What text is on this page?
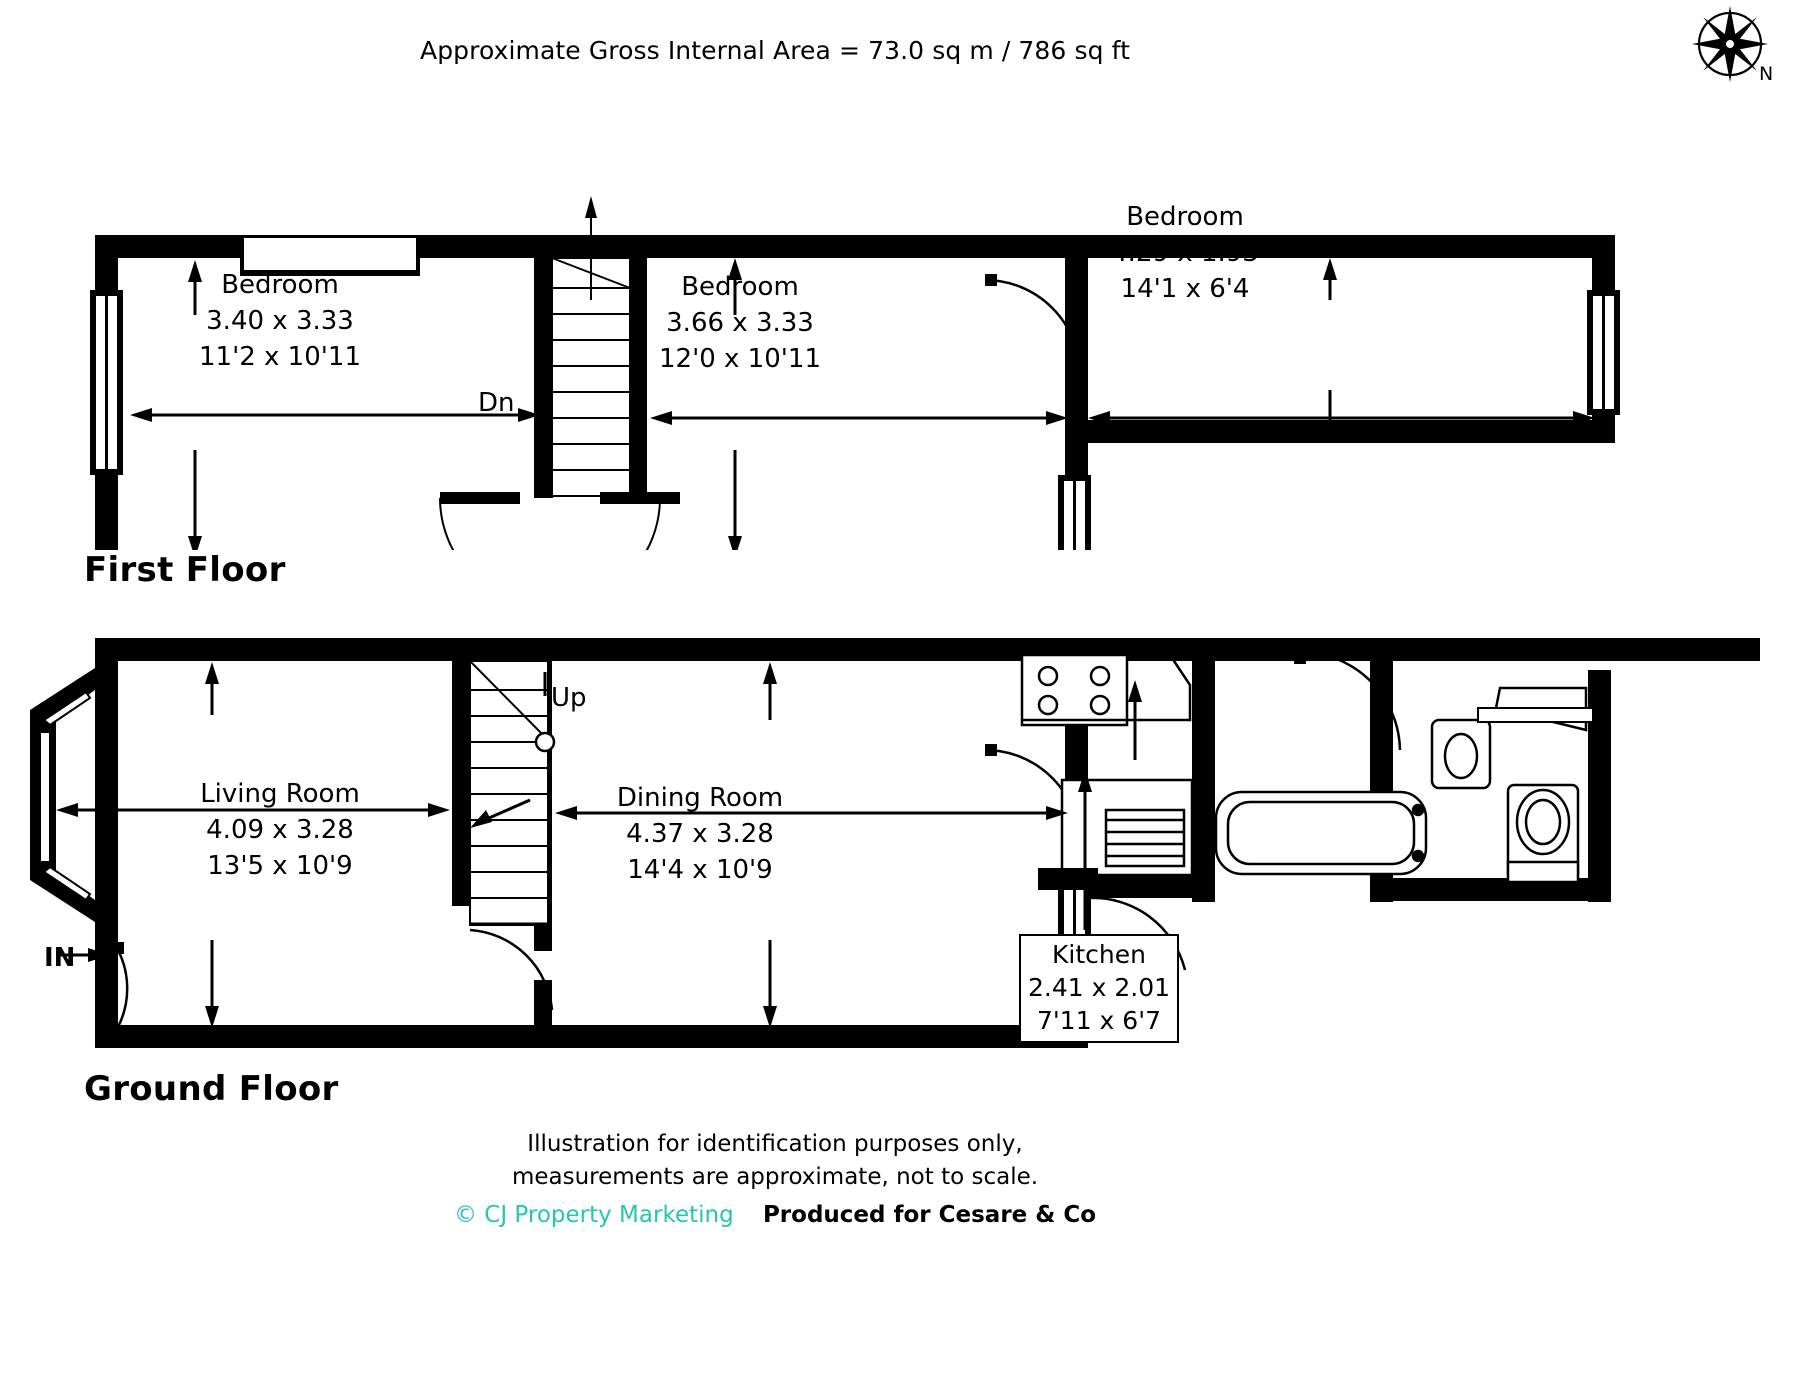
Approximate Gross Internal Area = 73.0 sq m / 786 sq ft
N
Bedroom
3.40 x 3.33
11'2 x 10'11
Bedroom
3.66 x 3.33
12'0 x 10'11
Bedroom
4.29 x 1.93
14'1 x 6'4
Dn
First Floor
Living Room
4.09 x 3.28
13'5 x 10'9
Dining Room
4.37 x 3.28
14'4 x 10'9
Kitchen 2.41 x 2.01 7'11 x 6'7
Up
IN
Ground Floor
Illustration for identification purposes only,
measurements are approximate, not to scale.
© CJ Property Marketing Produced for Cesare & Co
